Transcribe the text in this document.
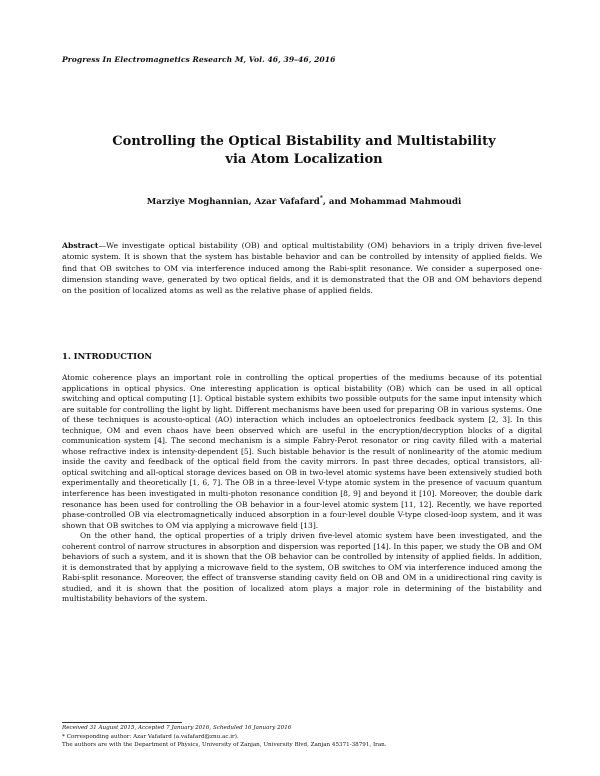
Progress In Electromagnetics Research M, Vol. 46, 39–46, 2016
Controlling the Optical Bistability and Multistability
via Atom Localization
Marziye Moghannian, Azar Vafafard*, and Mohammad Mahmoudi
Abstract—We investigate optical bistability (OB) and optical multistability (OM) behaviors in a triply driven five-level atomic system. It is shown that the system has bistable behavior and can be controlled by intensity of applied fields. We find that OB switches to OM via interference induced among the Rabi-split resonance. We consider a superposed one-dimension standing wave, generated by two optical fields, and it is demonstrated that the OB and OM behaviors depend on the position of localized atoms as well as the relative phase of applied fields.
1. INTRODUCTION

Atomic coherence plays an important role in controlling the optical properties of the mediums because of its potential applications in optical physics. One interesting application is optical bistability (OB) which can be used in all optical switching and optical computing [1]. Optical bistable system exhibits two possible outputs for the same input intensity which are suitable for controlling the light by light. Different mechanisms have been used for preparing OB in various systems. One of these techniques is acousto-optical (AO) interaction which includes an optoelectronics feedback system [2, 3]. In this technique, OM and even chaos have been observed which are useful in the encryption/decryption blocks of a digital communication system [4]. The second mechanism is a simple Fabry-Perot resonator or ring cavity filled with a material whose refractive index is intensity-dependent [5]. Such bistable behavior is the result of nonlinearity of the atomic medium inside the cavity and feedback of the optical field from the cavity mirrors. In past three decades, optical transistors, all-optical switching and all-optical storage devices based on OB in two-level atomic systems have been extensively studied both experimentally and theoretically [1, 6, 7]. The OB in a three-level V-type atomic system in the presence of vacuum quantum interference has been investigated in multi-photon resonance condition [8, 9] and beyond it [10]. Moreover, the double dark resonance has been used for controlling the OB behavior in a four-level atomic system [11, 12]. Recently, we have reported phase-controlled OB via electromagnetically induced absorption in a four-level double V-type closed-loop system, and it was shown that OB switches to OM via applying a microwave field [13].

On the other hand, the optical properties of a triply driven five-level atomic system have been investigated, and the coherent control of narrow structures in absorption and dispersion was reported [14]. In this paper, we study the OB and OM behaviors of such a system, and it is shown that the OB behavior can be controlled by intensity of applied fields. In addition, it is demonstrated that by applying a microwave field to the system, OB switches to OM via interference induced among the Rabi-split resonance. Moreover, the effect of transverse standing cavity field on OB and OM in a unidirectional ring cavity is studied, and it is shown that the position of localized atom plays a major role in determining of the bistability and multistability behaviors of the system.

Received 31 August 2015, Accepted 7 January 2016, Scheduled 16 January 2016
* Corresponding author: Azar Vafafard (a.vafafard@znu.ac.ir).
The authors are with the Department of Physics, University of Zanjan, University Blvd, Zanjan 45371-38791, Iran.
